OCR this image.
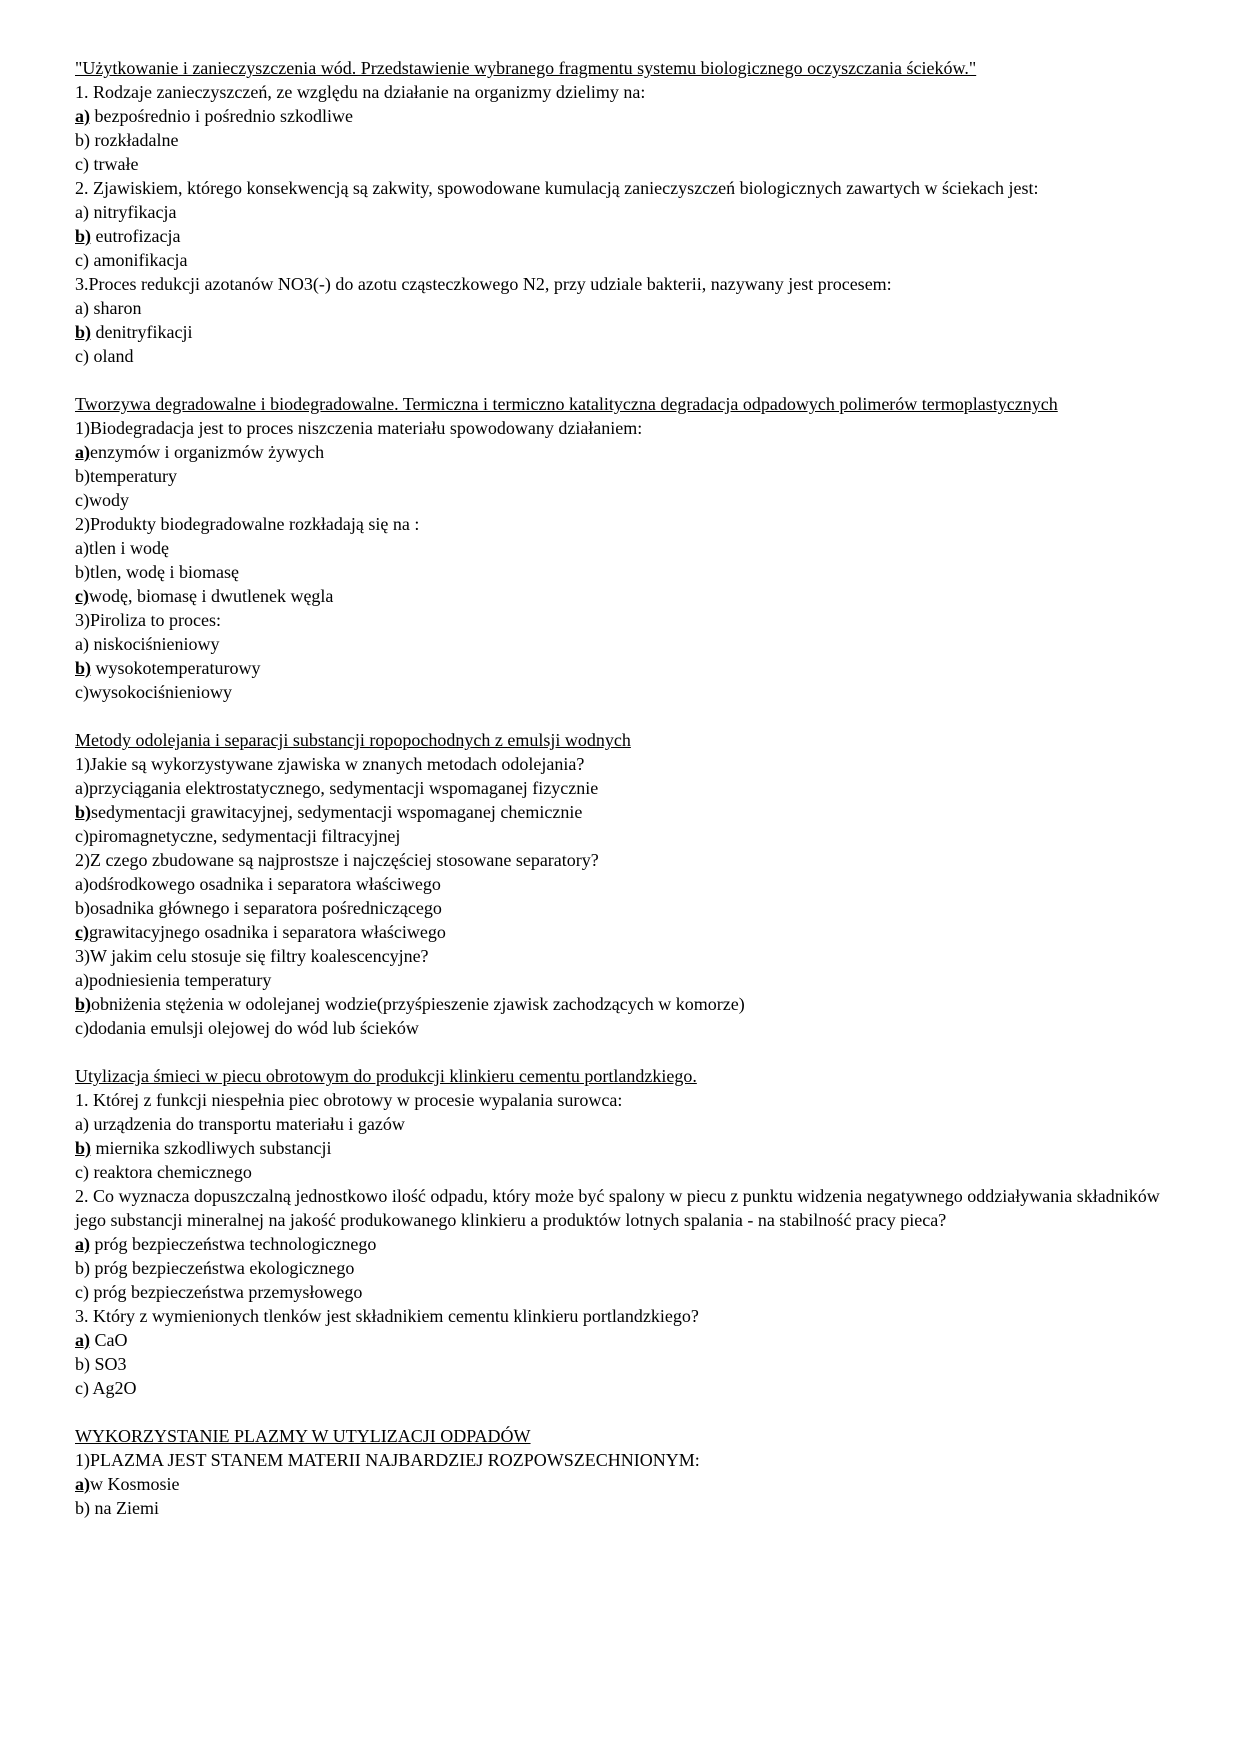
"Użytkowanie i zanieczyszczenia wód. Przedstawienie wybranego fragmentu systemu biologicznego oczyszczania ścieków."
1. Rodzaje zanieczyszczeń, ze względu na działanie na organizmy dzielimy na:
a) bezpośrednio i pośrednio szkodliwe
b) rozkładalne
c) trwałe
2. Zjawiskiem, którego konsekwencją są zakwity, spowodowane kumulacją zanieczyszczeń biologicznych zawartych w ściekach jest:
a) nitryfikacja
b) eutrofizacja
c) amonifikacja
3.Proces redukcji azotanów NO3(-) do azotu cząsteczkowego N2, przy udziale bakterii, nazywany jest procesem:
a) sharon
b) denitryfikacji
c) oland
Tworzywa degradowalne i biodegradowalne. Termiczna i termiczno katalityczna degradacja odpadowych polimerów termoplastycznych
1)Biodegradacja jest to proces niszczenia materiału spowodowany działaniem:
a)enzymów i organizmów żywych
b)temperatury
c)wody
2)Produkty biodegradowalne rozkładają się na :
a)tlen i wodę
b)tlen, wodę i biomasę
c)wodę, biomasę i dwutlenek węgla
3)Piroliza to proces:
a) niskociśnieniowy
b) wysokotemperaturowy
c)wysokociśnieniowy
Metody odolejania i separacji substancji ropopochodnych z emulsji wodnych
1)Jakie są wykorzystywane zjawiska w znanych metodach odolejania?
a)przyciągania elektrostatycznego, sedymentacji wspomaganej fizycznie
b)sedymentacji grawitacyjnej, sedymentacji wspomaganej chemicznie
c)piromagnetyczne, sedymentacji filtracyjnej
2)Z czego zbudowane są najprostsze i najczęściej stosowane separatory?
a)odśrodkowego osadnika i separatora właściwego
b)osadnika głównego i separatora pośredniczącego
c)grawitacyjnego osadnika i separatora właściwego
3)W jakim celu stosuje się filtry koalescencyjne?
a)podniesienia temperatury
b)obniżenia stężenia w odolejanej wodzie(przyśpieszenie zjawisk zachodzących w komorze)
c)dodania emulsji olejowej do wód lub ścieków
Utylizacja śmieci w piecu obrotowym do produkcji klinkieru cementu portlandzkiego.
1. Której z funkcji niespełnia piec obrotowy w procesie wypalania surowca:
a) urządzenia do transportu materiału i gazów
b) miernika szkodliwych substancji
c) reaktora chemicznego
2. Co wyznacza dopuszczalną jednostkowo ilość odpadu, który może być spalony w piecu z punktu widzenia negatywnego oddziaływania składników jego substancji mineralnej na jakość produkowanego klinkieru a produktów lotnych spalania - na stabilność pracy pieca?
a) próg bezpieczeństwa technologicznego
b) próg bezpieczeństwa ekologicznego
c) próg bezpieczeństwa przemysłowego
3. Który z wymienionych tlenków jest składnikiem cementu klinkieru portlandzkiego?
a) CaO
b) SO3
c) Ag2O
WYKORZYSTANIE PLAZMY W UTYLIZACJI ODPADÓW
1)PLAZMA JEST STANEM MATERII NAJBARDZIEJ ROZPOWSZECHNIONYM:
a)w Kosmosie
b) na Ziemi
